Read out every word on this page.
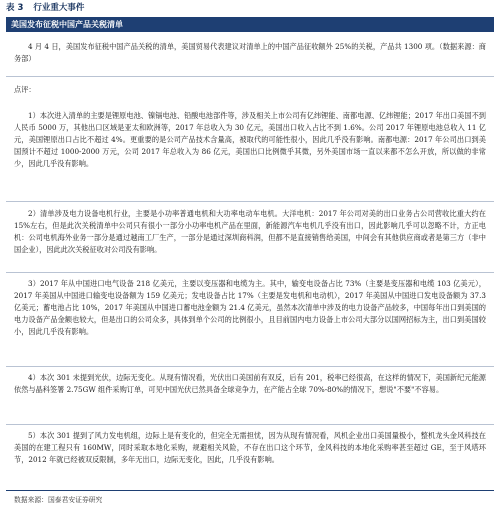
表 3 行业重大事件
美国发布征税中国产品关税清单

4 月 4 日，美国发布征税中国产品关税的清单，美国贸易代表建议对清单上的中国产品征收额外 25%的关税，产品共 1300 项。（数据来源：商务部）

点评：

1）本次进入清单的主要是锂原电池、镍镉电池、铅酸电池部件等，涉及相关上市公司有亿纬锂能、南都电源、亿纬锂能；2017 年出口美国不到人民币 5000 万，其他出口区域是亚太和欧洲等，2017 年总收入为 30 亿元，美国出口收入占比不到 1.6%。公司 2017 年锂原电池总收入 11 亿元，美国锂原出口占比不超过 4%。更重要的是公司产品技术含量高，被取代的可能性很小，因此几乎没有影响。南都电源：2017 年公司出口到美国预计不超过 1000-2000 万元，公司 2017 年总收入为 86 亿元，美国出口比例微乎其微，另外美国市场一直以来都不怎么开放，所以做的非常少，因此几乎没有影响。

2）清单涉及电力设备电机行业，主要是小功率普通电机和大功率电动车电机。大洋电机：2017 年公司对美的出口业务占公司营收比重大约在 15%左右，但是此次关税清单中公司只有很小一部分小功率电机产品在里面，新能源汽车电机几乎没有出口，因此影响几乎可以忽略不计，方正电机：公司电机海外业务一部分是通过越南工厂生产，一部分是通过深圳商科润，但都不是直接销售给美国，中间会有其他供应商或者是第三方（非中国企业），因此此次关税征收对公司没有影响。

3）2017 年从中国进口电气设备 218 亿美元，主要以变压器和电缆为主。其中，输变电设备占比 73%（主要是变压器和电缆 103 亿美元），2017 年美国从中国进口输变电设备额为 159 亿美元；发电设备占比 17%（主要是发电机和电动机），2017 年美国从中国进口发电设备额为 37.3 亿美元；蓄电池占比 10%，2017 年美国从中国进口蓄电池金额为 21.4 亿美元，虽然本次清单中涉及的电力设备产品较多，中国每年出口到美国的电力设备产品金额也较大，但是出口的公司众多，具体到单个公司的比例很小，且目前国内电力设备上市公司大部分以国网招标为主，出口到美国较小，因此几乎没有影响。

4）本次 301 未提到光伏，边际无变化。从现有情况看，光伏出口美国前有双反，后有 201，税率已经很高，在这样的情况下，美国新纪元能源依然与晶科签署 2.75GW 组件采购订单，可见中国光伏已然具备全球竞争力，在产能占全球 70%-80%的情况下，想说"不要"不容易。

5）本次 301 提到了风力发电机组，边际上是有变化的，但完全无需担忧，因为从现有情况看，风机企业出口美国量极小，整机龙头金风科技在美国的在建工程只有 160MW，同时采取本地化采购，规避相关风险，不存在出口这个环节，金风科技的本地化采购率甚至超过 GE，至于风塔环节，2012 年就已经被双反限制，多年无出口，边际无变化，因此，几乎没有影响。

数据来源：国泰君安证券研究
